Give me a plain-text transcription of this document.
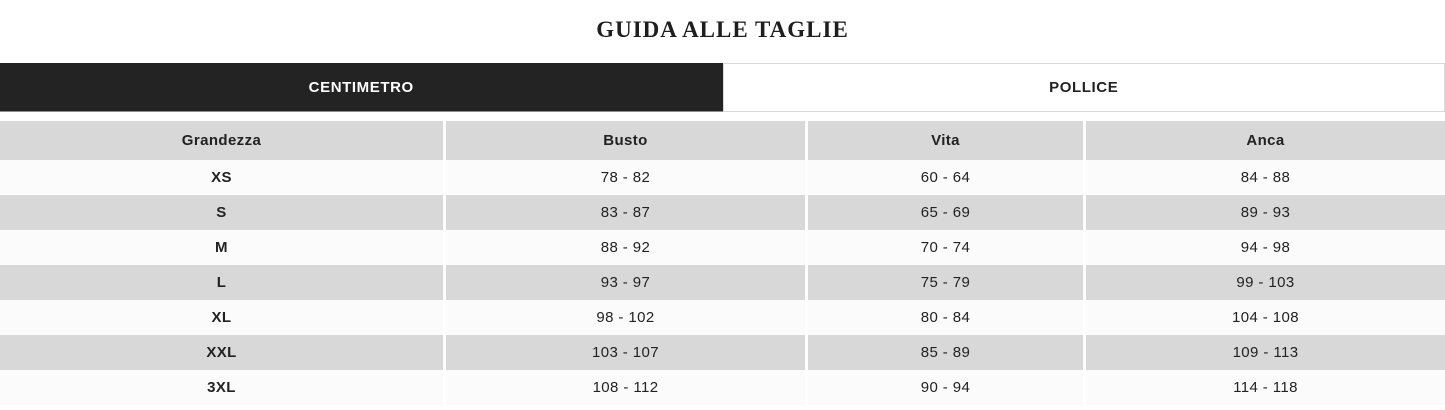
GUIDA ALLE TAGLIE
CENTIMETRO	POLLICE
Grandezza	Busto	Vita	Anca
XS	78 - 82	60 - 64	84 - 88
S	83 - 87	65 - 69	89 - 93
M	88 - 92	70 - 74	94 - 98
L	93 - 97	75 - 79	99 - 103
XL	98 - 102	80 - 84	104 - 108
XXL	103 - 107	85 - 89	109 - 113
3XL	108 - 112	90 - 94	114 - 118
